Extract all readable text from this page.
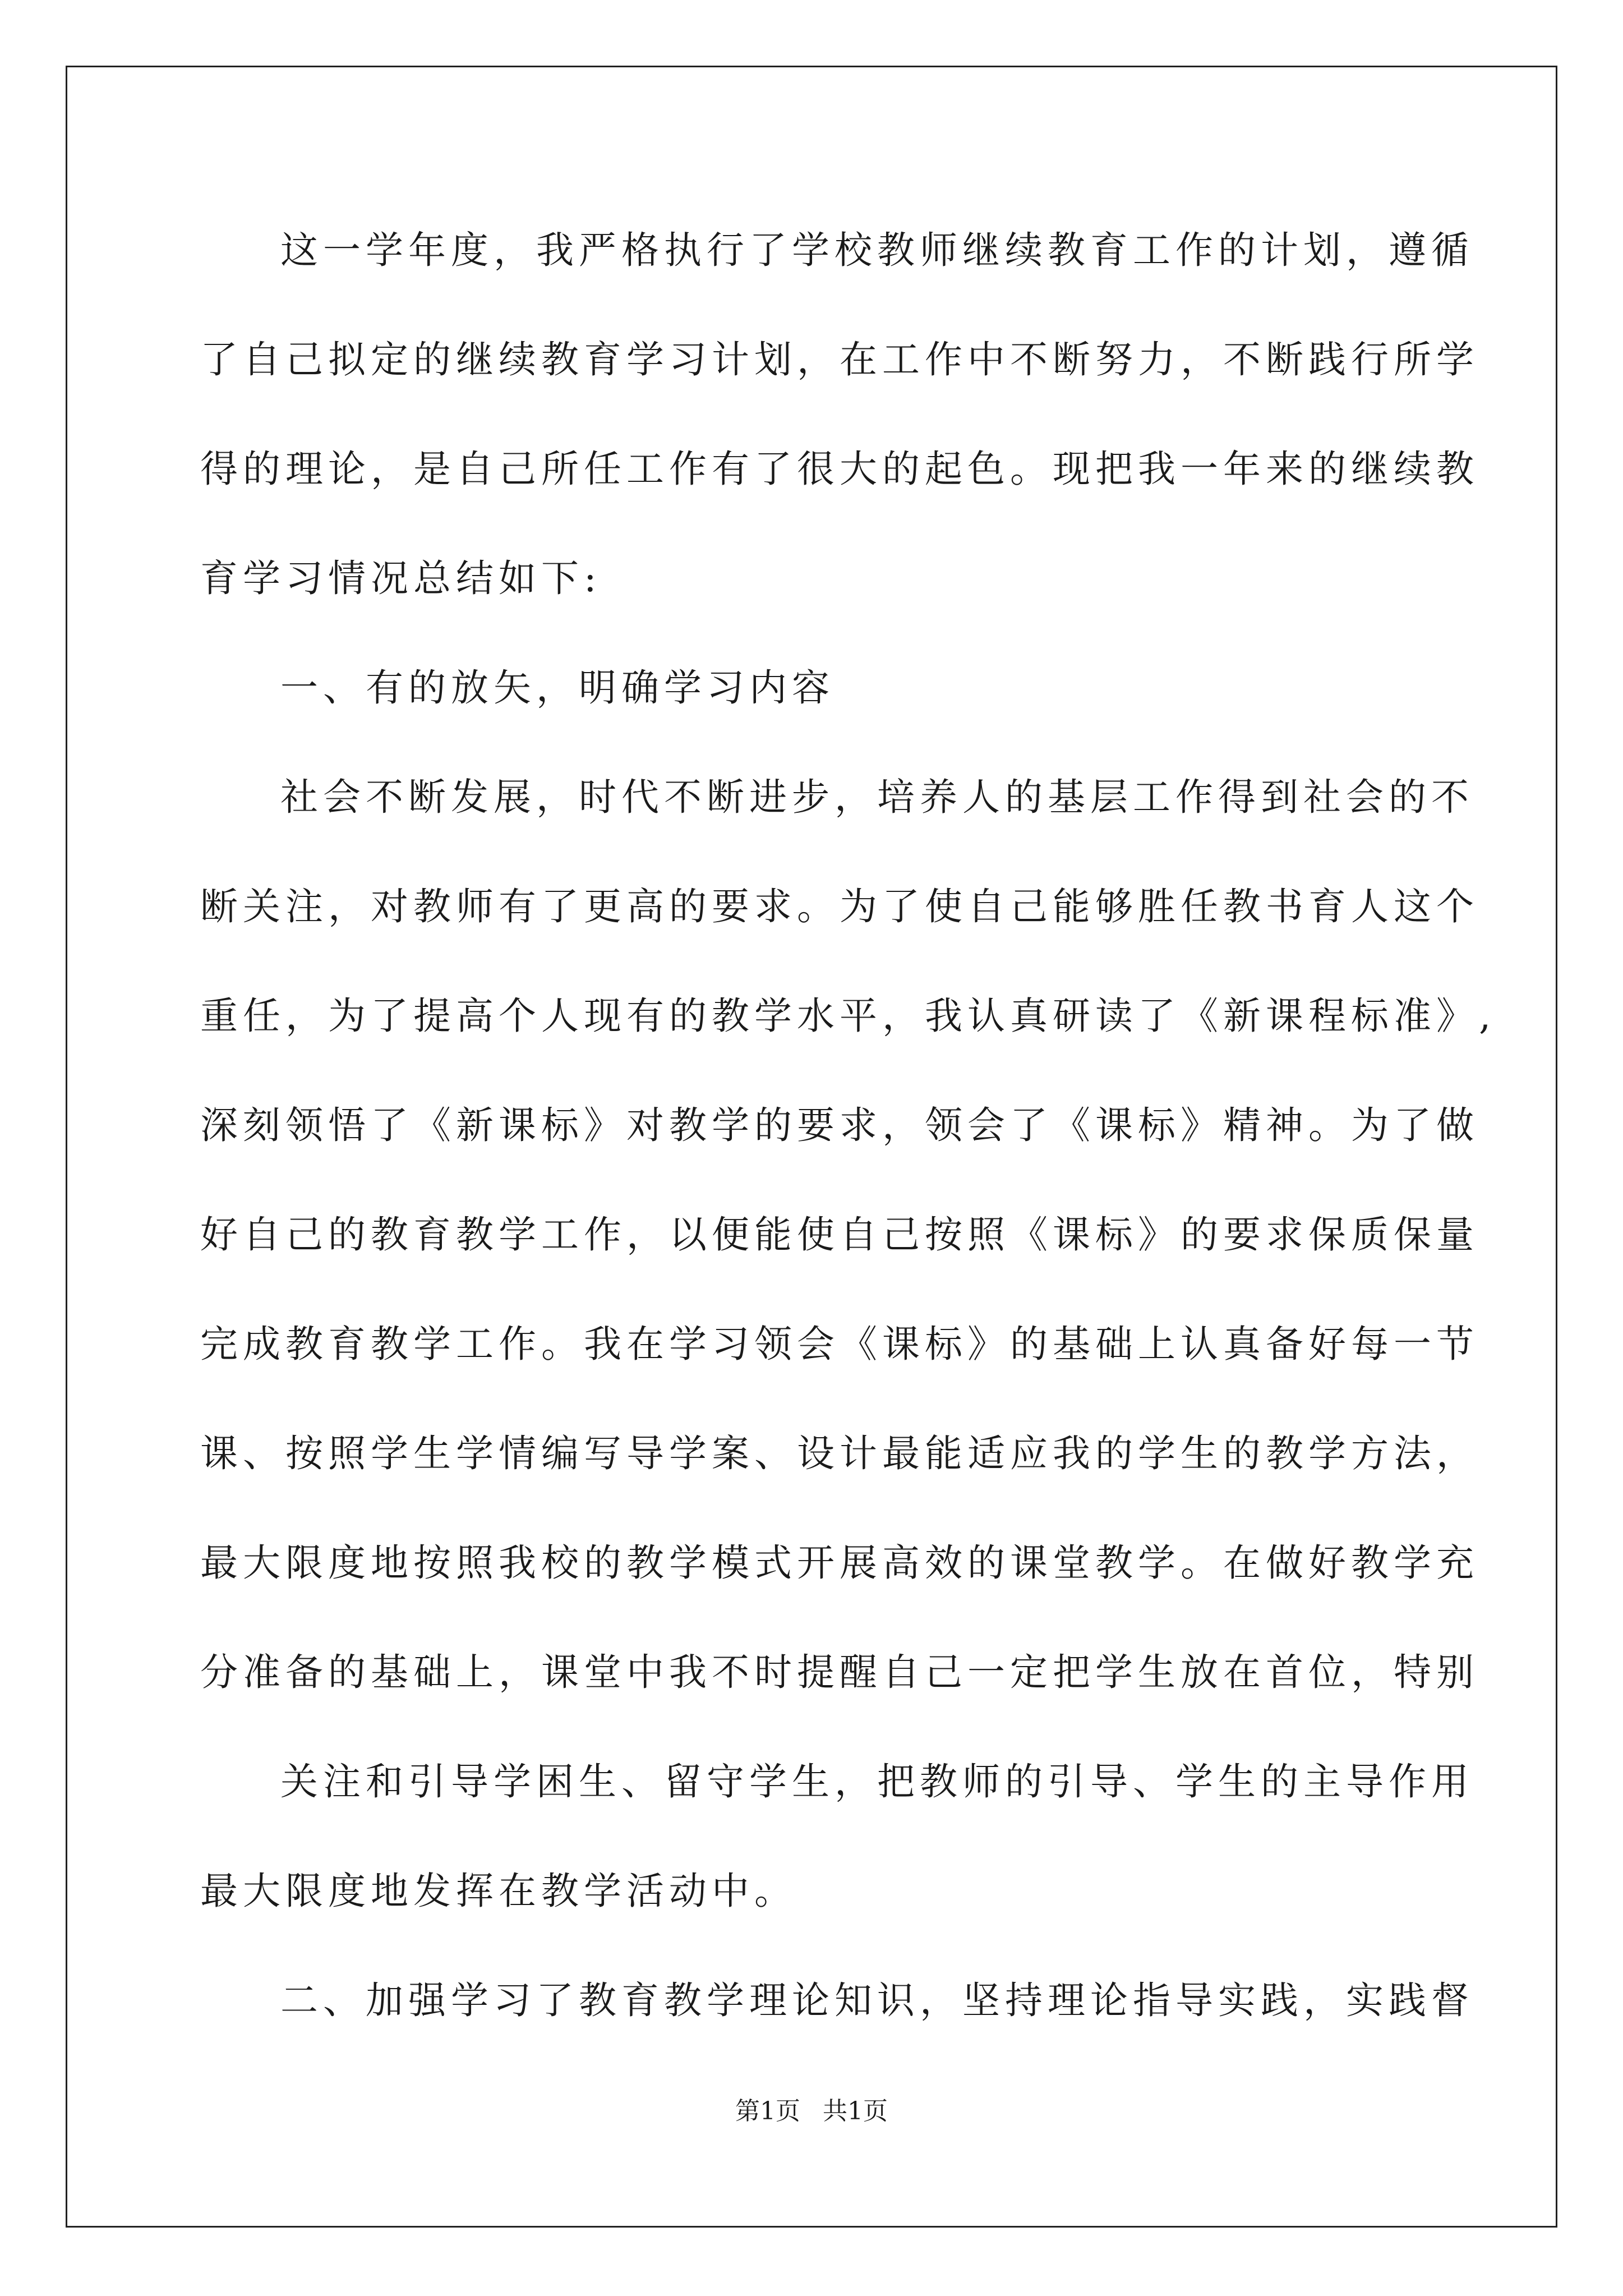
这一学年度，我严格执行了学校教师继续教育工作的计划，遵循
了自己拟定的继续教育学习计划，在工作中不断努力，不断践行所学
得的理论，是自己所任工作有了很大的起色。现把我一年来的继续教
育学习情况总结如下:
一、有的放矢，明确学习内容
社会不断发展，时代不断进步，培养人的基层工作得到社会的不
断关注，对教师有了更高的要求。为了使自己能够胜任教书育人这个
重任，为了提高个人现有的教学水平，我认真研读了《新课程标准》,
深刻领悟了《新课标》对教学的要求，领会了《课标》精神。为了做
好自己的教育教学工作，以便能使自己按照《课标》的要求保质保量
完成教育教学工作。我在学习领会《课标》的基础上认真备好每一节
课、按照学生学情编写导学案、设计最能适应我的学生的教学方法，
最大限度地按照我校的教学模式开展高效的课堂教学。在做好教学充
分准备的基础上，课堂中我不时提醒自己一定把学生放在首位，特别
关注和引导学困生、留守学生，把教师的引导、学生的主导作用
最大限度地发挥在教学活动中。
二、加强学习了教育教学理论知识，坚持理论指导实践，实践督
第1页 共1页
